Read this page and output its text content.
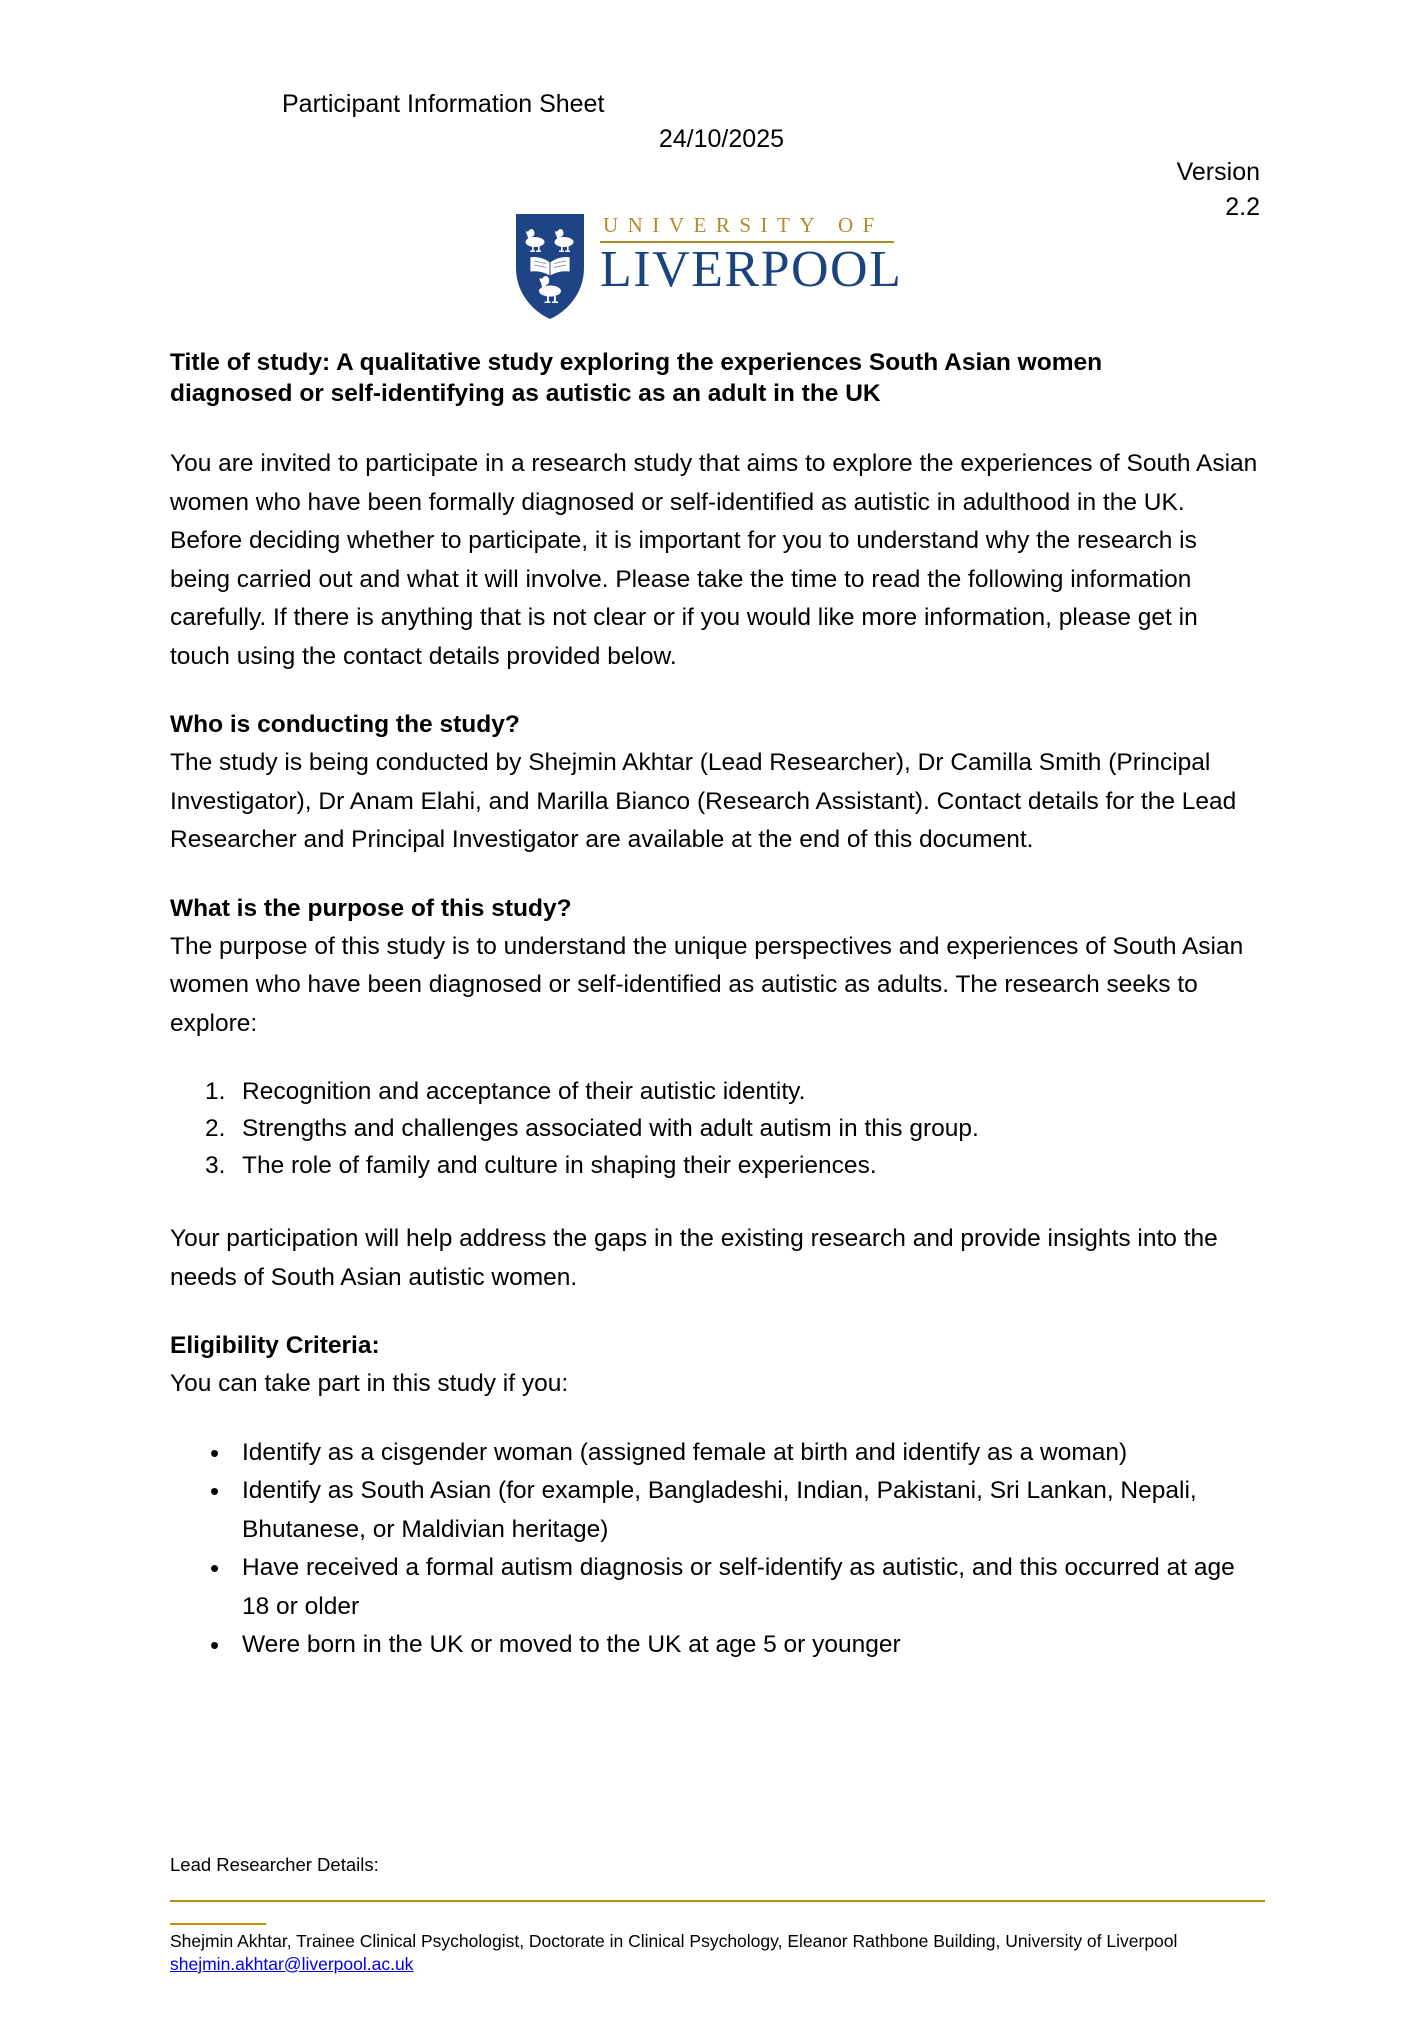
Participant Information Sheet
24/10/2025
Version
2.2
UNIVERSITY OF
LIVERPOOL
Title of study: A qualitative study exploring the experiences South Asian women diagnosed or self-identifying as autistic as an adult in the UK

You are invited to participate in a research study that aims to explore the experiences of South Asian women who have been formally diagnosed or self-identified as autistic in adulthood in the UK. Before deciding whether to participate, it is important for you to understand why the research is being carried out and what it will involve. Please take the time to read the following information carefully. If there is anything that is not clear or if you would like more information, please get in touch using the contact details provided below.

Who is conducting the study?

The study is being conducted by Shejmin Akhtar (Lead Researcher), Dr Camilla Smith (Principal Investigator), Dr Anam Elahi, and Marilla Bianco (Research Assistant). Contact details for the Lead Researcher and Principal Investigator are available at the end of this document.

What is the purpose of this study?

The purpose of this study is to understand the unique perspectives and experiences of South Asian women who have been diagnosed or self-identified as autistic as adults. The research seeks to explore:

Recognition and acceptance of their autistic identity.
Strengths and challenges associated with adult autism in this group.
The role of family and culture in shaping their experiences.

Your participation will help address the gaps in the existing research and provide insights into the needs of South Asian autistic women.

Eligibility Criteria:

You can take part in this study if you:

• Identify as a cisgender woman (assigned female at birth and identify as a woman)
• Identify as South Asian (for example, Bangladeshi, Indian, Pakistani, Sri Lankan, Nepali, Bhutanese, or Maldivian heritage)
• Have received a formal autism diagnosis or self-identify as autistic, and this occurred at age 18 or older
• Were born in the UK or moved to the UK at age 5 or younger
Lead Researcher Details:
Shejmin Akhtar, Trainee Clinical Psychologist, Doctorate in Clinical Psychology, Eleanor Rathbone Building, University of Liverpool
shejmin.akhtar@liverpool.ac.uk
